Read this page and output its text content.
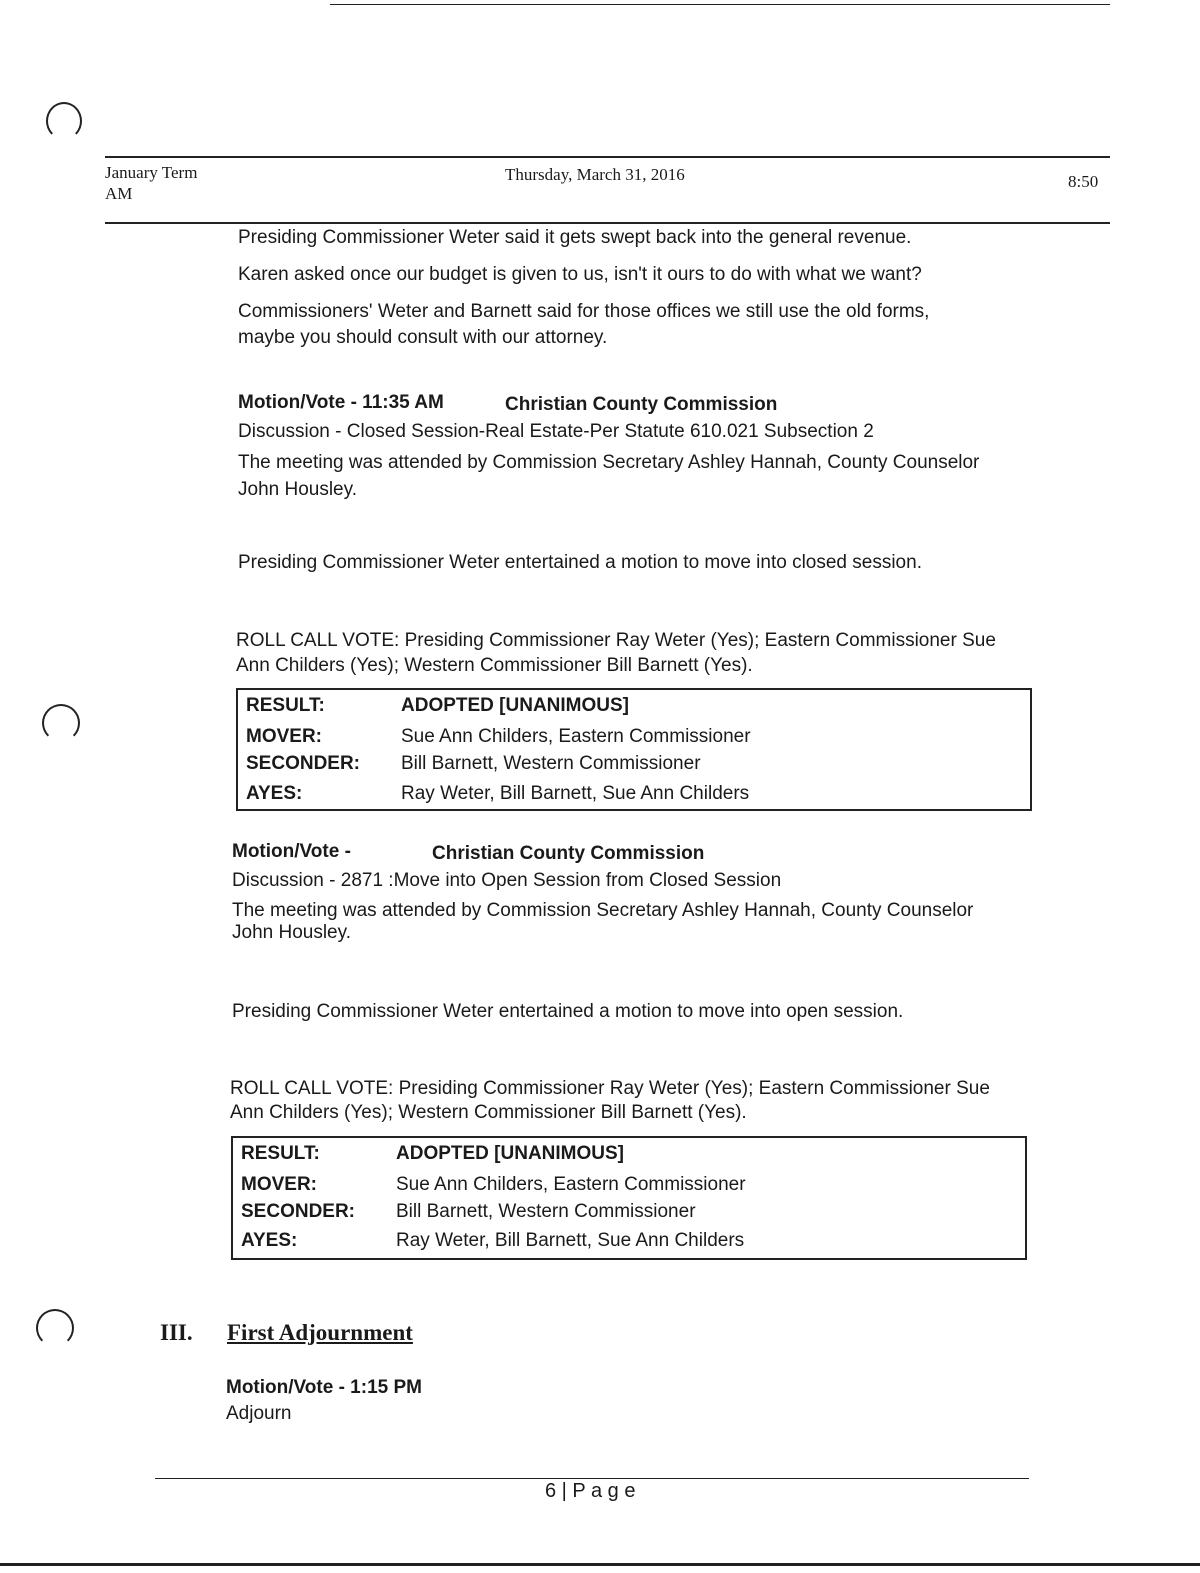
January Term
AM
Thursday, March 31, 2016	8:50
Presiding Commissioner Weter said it gets swept back into the general revenue.
Karen asked once our budget is given to us, isn't it ours to do with what we want?
Commissioners' Weter and Barnett said for those offices we still use the old forms,
maybe you should consult with our attorney.
Motion/Vote - 11:35 AM	Christian County Commission
Discussion - Closed Session-Real Estate-Per Statute 610.021 Subsection 2
The meeting was attended by Commission Secretary Ashley Hannah, County Counselor
John Housley.
Presiding Commissioner Weter entertained a motion to move into closed session.
ROLL CALL VOTE: Presiding Commissioner Ray Weter (Yes); Eastern Commissioner Sue
Ann Childers (Yes); Western Commissioner Bill Barnett (Yes).
RESULT:	ADOPTED [UNANIMOUS]
MOVER:	Sue Ann Childers, Eastern Commissioner
SECONDER: Bill Barnett, Western Commissioner
AYES:	Ray Weter, Bill Barnett, Sue Ann Childers
Motion/Vote -	Christian County Commission
Discussion - 2871 :Move into Open Session from Closed Session
The meeting was attended by Commission Secretary Ashley Hannah, County Counselor
John Housley.
Presiding Commissioner Weter entertained a motion to move into open session.
ROLL CALL VOTE: Presiding Commissioner Ray Weter (Yes); Eastern Commissioner Sue
Ann Childers (Yes); Western Commissioner Bill Barnett (Yes).
RESULT:	ADOPTED [UNANIMOUS]
MOVER:	Sue Ann Childers, Eastern Commissioner
SECONDER: Bill Barnett, Western Commissioner
AYES:	Ray Weter, Bill Barnett, Sue Ann Childers
III. First Adjournment
Motion/Vote - 1:15 PM
Adjourn
6 | P a g e
